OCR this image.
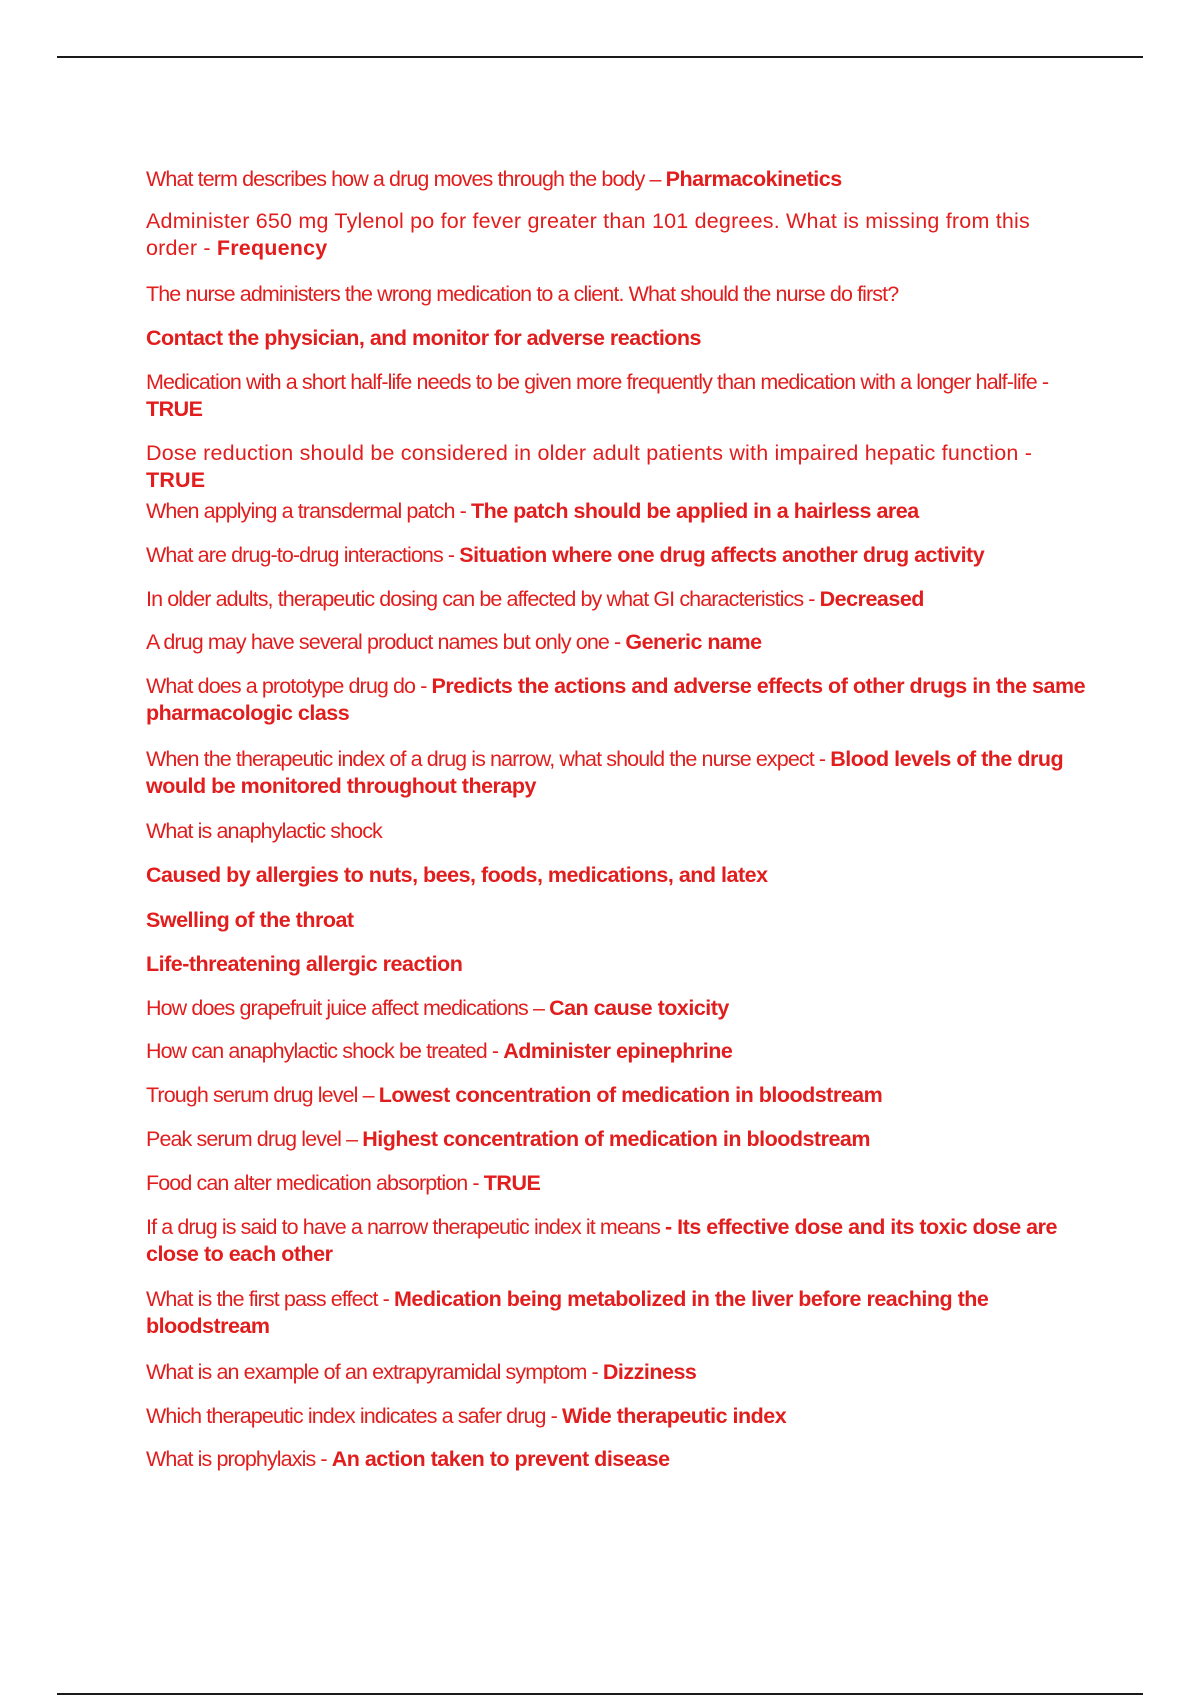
What term describes how a drug moves through the body – Pharmacokinetics

Administer 650 mg Tylenol po for fever greater than 101 degrees. What is missing from this order - Frequency

The nurse administers the wrong medication to a client. What should the nurse do first?

Contact the physician, and monitor for adverse reactions

Medication with a short half-life needs to be given more frequently than medication with a longer half-life - TRUE

Dose reduction should be considered in older adult patients with impaired hepatic function - TRUE

When applying a transdermal patch - The patch should be applied in a hairless area

What are drug-to-drug interactions - Situation where one drug affects another drug activity

In older adults, therapeutic dosing can be affected by what GI characteristics - Decreased

A drug may have several product names but only one - Generic name

What does a prototype drug do - Predicts the actions and adverse effects of other drugs in the same pharmacologic class

When the therapeutic index of a drug is narrow, what should the nurse expect - Blood levels of the drug would be monitored throughout therapy

What is anaphylactic shock

Caused by allergies to nuts, bees, foods, medications, and latex

Swelling of the throat

Life-threatening allergic reaction

How does grapefruit juice affect medications – Can cause toxicity

How can anaphylactic shock be treated - Administer epinephrine

Trough serum drug level – Lowest concentration of medication in bloodstream

Peak serum drug level – Highest concentration of medication in bloodstream

Food can alter medication absorption - TRUE

If a drug is said to have a narrow therapeutic index it means - Its effective dose and its toxic dose are close to each other

What is the first pass effect - Medication being metabolized in the liver before reaching the bloodstream

What is an example of an extrapyramidal symptom - Dizziness

Which therapeutic index indicates a safer drug - Wide therapeutic index

What is prophylaxis - An action taken to prevent disease
